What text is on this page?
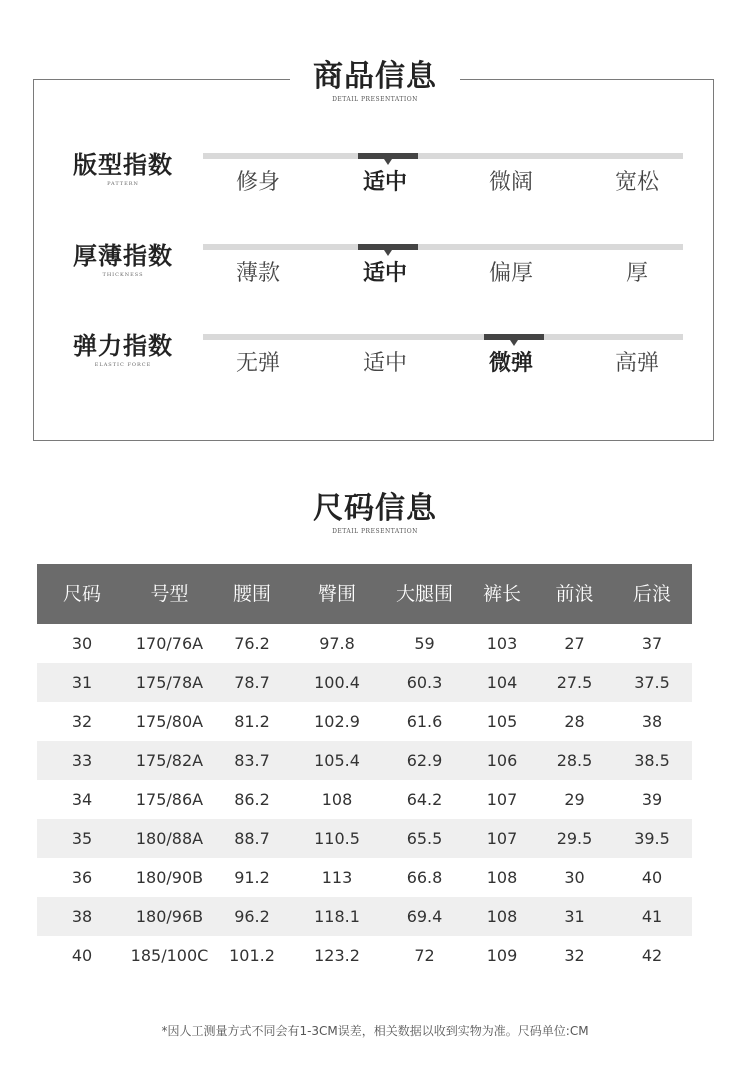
商品信息
DETAIL PRESENTATION
版型指数
PATTERN	修身	适中	微阔	宽松
厚薄指数
THICKNESS	薄款	适中	偏厚	厚
弹力指数
ELASTIC FORCE	无弹	适中	微弹	高弹
尺码信息
DETAIL PRESENTATION
尺码	号型	腰围	臀围	大腿围	裤长	前浪	后浪
30	170/76A	76.2	97.8	59	103	27	37
31	175/78A	78.7	100.4	60.3	104	27.5	37.5
32	175/80A	81.2	102.9	61.6	105	28	38
33	175/82A	83.7	105.4	62.9	106	28.5	38.5
34	175/86A	86.2	108	64.2	107	29	39
35	180/88A	88.7	110.5	65.5	107	29.5	39.5
36	180/90B	91.2	113	66.8	108	30	40
38	180/96B	96.2	118.1	69.4	108	31	41
40	185/100C	101.2	123.2	72	109	32	42
*因人工测量方式不同会有1-3CM误差，相关数据以收到实物为准。尺码单位:CM
